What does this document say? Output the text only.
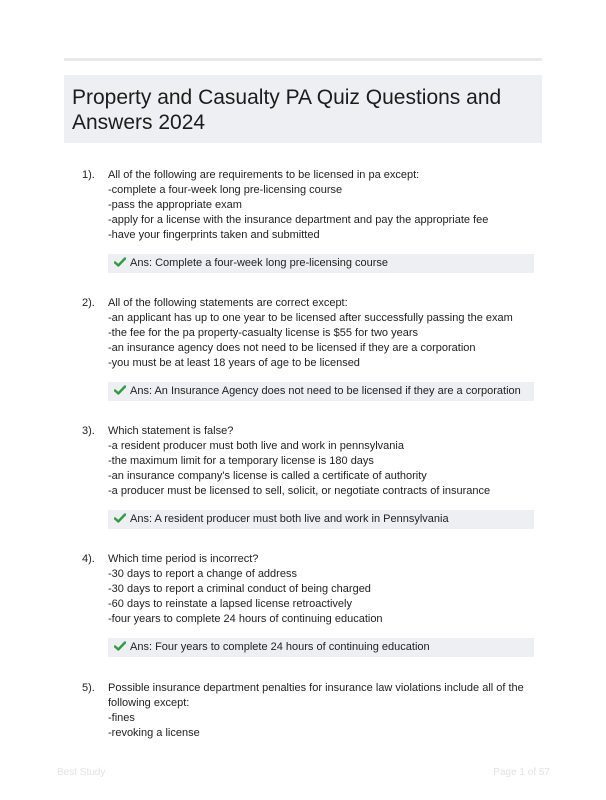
Property and Casualty PA Quiz Questions and Answers 2024
1). All of the following are requirements to be licensed in pa except:
-complete a four-week long pre-licensing course
-pass the appropriate exam
-apply for a license with the insurance department and pay the appropriate fee
-have your fingerprints taken and submitted
Ans: Complete a four-week long pre-licensing course
2). All of the following statements are correct except:
-an applicant has up to one year to be licensed after successfully passing the exam
-the fee for the pa property-casualty license is $55 for two years
-an insurance agency does not need to be licensed if they are a corporation
-you must be at least 18 years of age to be licensed
Ans: An Insurance Agency does not need to be licensed if they are a corporation
3). Which statement is false?
-a resident producer must both live and work in pennsylvania
-the maximum limit for a temporary license is 180 days
-an insurance company's license is called a certificate of authority
-a producer must be licensed to sell, solicit, or negotiate contracts of insurance
Ans: A resident producer must both live and work in Pennsylvania
4). Which time period is incorrect?
-30 days to report a change of address
-30 days to report a criminal conduct of being charged
-60 days to reinstate a lapsed license retroactively
-four years to complete 24 hours of continuing education
Ans: Four years to complete 24 hours of continuing education
5). Possible insurance department penalties for insurance law violations include all of the
following except:
-fines
-revoking a license
Best Study	Page 1 of 57
